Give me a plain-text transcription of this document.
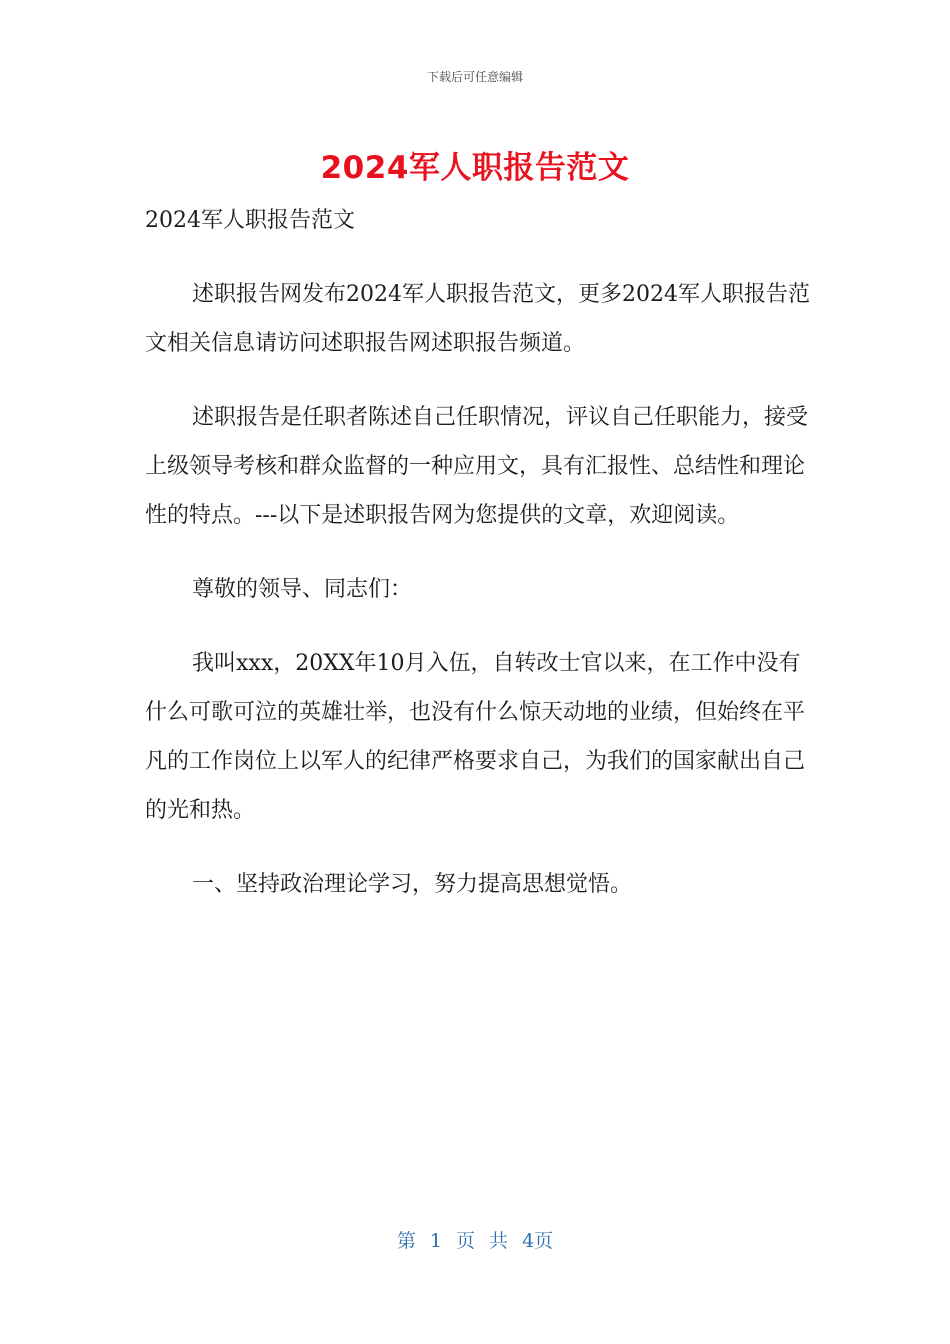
下载后可任意编辑
2024军人职报告范文

2024军人职报告范文

述职报告网发布2024军人职报告范文，更多2024军人职报告范文相关信息请访问述职报告网述职报告频道。

述职报告是任职者陈述自己任职情况，评议自己任职能力，接受上级领导考核和群众监督的一种应用文，具有汇报性、总结性和理论性的特点。---以下是述职报告网为您提供的文章，欢迎阅读。

尊敬的领导、同志们：

我叫xxx，20XX年10月入伍，自转改士官以来，在工作中没有什么可歌可泣的英雄壮举，也没有什么惊天动地的业绩，但始终在平凡的工作岗位上以军人的纪律严格要求自己，为我们的国家献出自己的光和热。

一、坚持政治理论学习，努力提高思想觉悟。

第 1 页 共 4页
